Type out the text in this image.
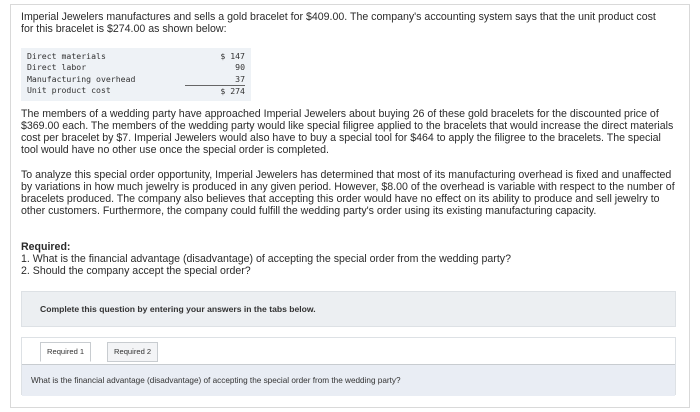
Imperial Jewelers manufactures and sells a gold bracelet for $409.00. The company's accounting system says that the unit product cost for this bracelet is $274.00 as shown below:
Direct materials	$ 147
Direct labor	90
Manufacturing overhead	37
Unit product cost	$ 274
The members of a wedding party have approached Imperial Jewelers about buying 26 of these gold bracelets for the discounted price of $369.00 each. The members of the wedding party would like special filigree applied to the bracelets that would increase the direct materials cost per bracelet by $7. Imperial Jewelers would also have to buy a special tool for $464 to apply the filigree to the bracelets. The special tool would have no other use once the special order is completed.
To analyze this special order opportunity, Imperial Jewelers has determined that most of its manufacturing overhead is fixed and unaffected by variations in how much jewelry is produced in any given period. However, $8.00 of the overhead is variable with respect to the number of bracelets produced. The company also believes that accepting this order would have no effect on its ability to produce and sell jewelry to other customers. Furthermore, the company could fulfill the wedding party's order using its existing manufacturing capacity.
Required:
1. What is the financial advantage (disadvantage) of accepting the special order from the wedding party?
2. Should the company accept the special order?
Complete this question by entering your answers in the tabs below.
Required 1	Required 2
What is the financial advantage (disadvantage) of accepting the special order from the wedding party?
